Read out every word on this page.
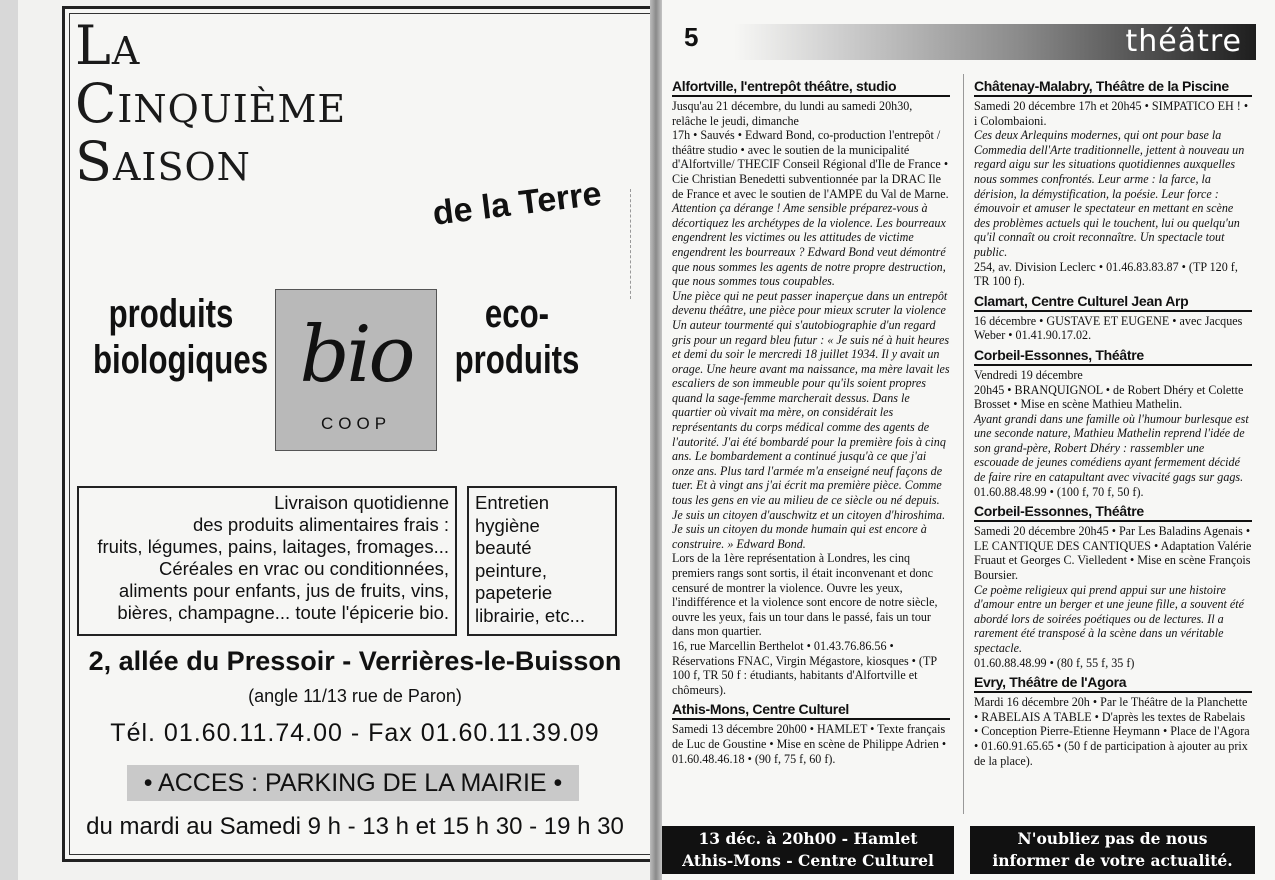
La
Cinquième
Saison
de la Terre
produits
biologiques bio
COOP
eco-
produits
Livraison quotidienne
des produits alimentaires frais :
fruits, légumes, pains, laitages, fromages...
Céréales en vrac ou conditionnées,
aliments pour enfants, jus de fruits, vins,
bières, champagne... toute l'épicerie bio.
Entretien
hygiène
beauté
peinture,
papeterie
librairie, etc...
2, allée du Pressoir - Verrières-le-Buisson
(angle 11/13 rue de Paron)
Tél. 01.60.11.74.00 - Fax 01.60.11.39.09
• ACCES : PARKING DE LA MAIRIE •
du mardi au Samedi 9 h - 13 h et 15 h 30 - 19 h 30
5	théâtre
Alfortville, l'entrepôt théâtre, studio

Jusqu'au 21 décembre, du lundi au samedi 20h30, relâche le jeudi, dimanche

17h • Sauvés • Edward Bond, co-production l'entrepôt / théâtre studio • avec le soutien de la municipalité d'Alfortville/ THECIF Conseil Régional d'Ile de France • Cie Christian Benedetti subventionnée par la DRAC Ile de France et avec le soutien de l'AMPE du Val de Marne.

Attention ça dérange ! Ame sensible préparez-vous à décortiquez les archétypes de la violence. Les bourreaux engendrent les victimes ou les attitudes de victime engendrent les bourreaux ? Edward Bond veut démontré que nous sommes les agents de notre propre destruction, que nous sommes tous coupables.

Une pièce qui ne peut passer inaperçue dans un entrepôt devenu théâtre, une pièce pour mieux scruter la violence Un auteur tourmenté qui s'autobiographie d'un regard gris pour un regard bleu futur : « Je suis né à huit heures et demi du soir le mercredi 18 juillet 1934. Il y avait un orage. Une heure avant ma naissance, ma mère lavait les escaliers de son immeuble pour qu'ils soient propres quand la sage-femme marcherait dessus. Dans le quartier où vivait ma mère, on considérait les représentants du corps médical comme des agents de l'autorité. J'ai été bombardé pour la première fois à cinq ans. Le bombardement a continué jusqu'à ce que j'ai onze ans. Plus tard l'armée m'a enseigné neuf façons de tuer. Et à vingt ans j'ai écrit ma première pièce. Comme tous les gens en vie au milieu de ce siècle ou né depuis. Je suis un citoyen d'auschwitz et un citoyen d'hiroshima. Je suis un citoyen du monde humain qui est encore à construire. » Edward Bond.

Lors de la 1ère représentation à Londres, les cinq premiers rangs sont sortis, il était inconvenant et donc censuré de montrer la violence. Ouvre les yeux, l'indifférence et la violence sont encore de notre siècle, ouvre les yeux, fais un tour dans le passé, fais un tour dans mon quartier.

16, rue Marcellin Berthelot • 01.43.76.86.56 • Réservations FNAC, Virgin Mégastore, kiosques • (TP 100 f, TR 50 f : étudiants, habitants d'Alfortville et chômeurs).

Athis-Mons, Centre Culturel

Samedi 13 décembre 20h00 • HAMLET • Texte français de Luc de Goustine • Mise en scène de Philippe Adrien • 01.60.48.46.18 • (90 f, 75 f, 60 f).

Châtenay-Malabry, Théâtre de la Piscine

Samedi 20 décembre 17h et 20h45 • SIMPATICO EH ! • i Colombaioni.

Ces deux Arlequins modernes, qui ont pour base la Commedia dell'Arte traditionnelle, jettent à nouveau un regard aigu sur les situations quotidiennes auxquelles nous sommes confrontés. Leur arme : la farce, la dérision, la démystification, la poésie. Leur force : émouvoir et amuser le spectateur en mettant en scène des problèmes actuels qui le touchent, lui ou quelqu'un qu'il connaît ou croit reconnaître. Un spectacle tout public.

254, av. Division Leclerc • 01.46.83.83.87 • (TP 120 f, TR 100 f).

Clamart, Centre Culturel Jean Arp

16 décembre • GUSTAVE ET EUGENE • avec Jacques Weber • 01.41.90.17.02.

Corbeil-Essonnes, Théâtre

Vendredi 19 décembre

20h45 • BRANQUIGNOL • de Robert Dhéry et Colette Brosset • Mise en scène Mathieu Mathelin.

Ayant grandi dans une famille où l'humour burlesque est une seconde nature, Mathieu Mathelin reprend l'idée de son grand-père, Robert Dhéry : rassembler une escouade de jeunes comédiens ayant fermement décidé de faire rire en catapultant avec vivacité gags sur gags.

01.60.88.48.99 • (100 f, 70 f, 50 f).

Corbeil-Essonnes, Théâtre

Samedi 20 décembre 20h45 • Par Les Baladins Agenais • LE CANTIQUE DES CANTIQUES • Adaptation Valérie Fruaut et Georges C. Vielledent • Mise en scène François Boursier.

Ce poème religieux qui prend appui sur une histoire d'amour entre un berger et une jeune fille, a souvent été abordé lors de soirées poétiques ou de lectures. Il a rarement été transposé à la scène dans un véritable spectacle.

01.60.88.48.99 • (80 f, 55 f, 35 f)

Evry, Théâtre de l'Agora

Mardi 16 décembre 20h • Par le Théâtre de la Planchette • RABELAIS A TABLE • D'après les textes de Rabelais • Conception Pierre-Etienne Heymann • Place de l'Agora • 01.60.91.65.65 • (50 f de participation à ajouter au prix de la place).

13 déc. à 20h00 - Hamlet
Athis-Mons - Centre Culturel
N'oubliez pas de nous
informer de votre actualité.
